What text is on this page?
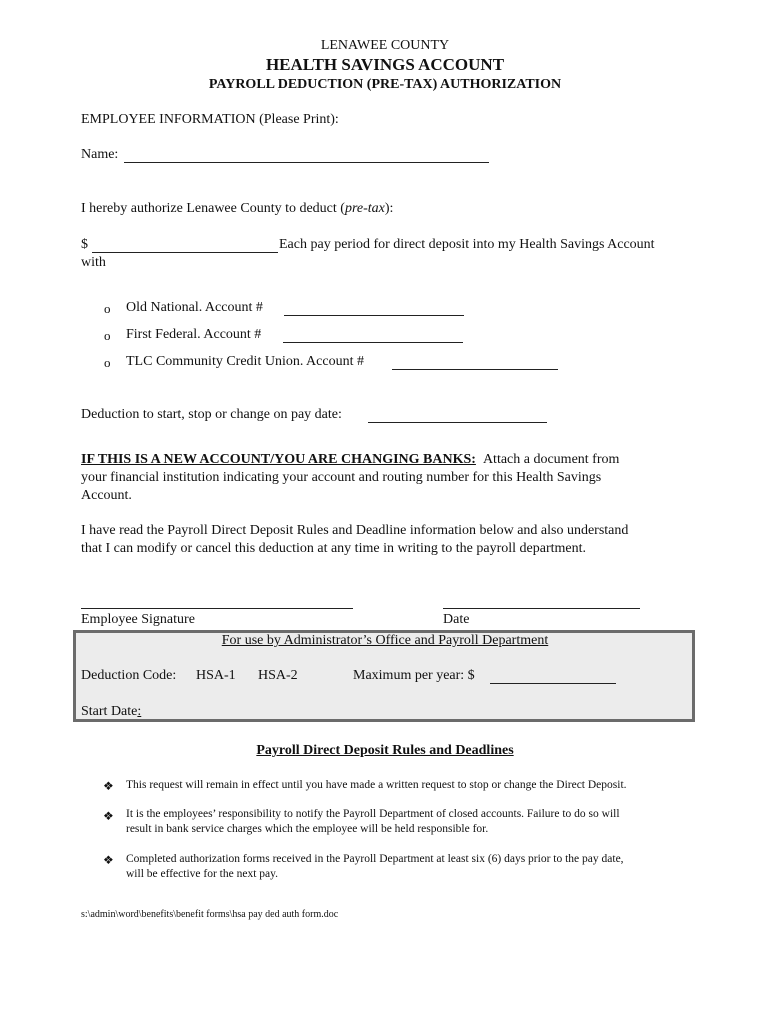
LENAWEE COUNTY
HEALTH SAVINGS ACCOUNT
PAYROLL DEDUCTION (PRE-TAX) AUTHORIZATION
EMPLOYEE INFORMATION (Please Print):
Name:
I hereby authorize Lenawee County to deduct (pre-tax):
$	Each pay period for direct deposit into my Health Savings Account
with
o Old National. Account #
o First Federal. Account #
o TLC Community Credit Union. Account #
Deduction to start, stop or change on pay date:
IF THIS IS A NEW ACCOUNT/YOU ARE CHANGING BANKS: Attach a document from
your financial institution indicating your account and routing number for this Health Savings
Account.
I have read the Payroll Direct Deposit Rules and Deadline information below and also understand
that I can modify or cancel this deduction at any time in writing to the payroll department.
Employee Signature	Date
For use by Administrator’s Office and Payroll Department
Deduction Code: HSA-1 HSA-2	Maximum per year: $
Start Date:
Payroll Direct Deposit Rules and Deadlines
❖ This request will remain in effect until you have made a written request to stop or change the Direct Deposit.
❖ It is the employees’ responsibility to notify the Payroll Department of closed accounts. Failure to do so will
result in bank service charges which the employee will be held responsible for.
❖ Completed authorization forms received in the Payroll Department at least six (6) days prior to the pay date,
will be effective for the next pay.
s:\admin\word\benefits\benefit forms\hsa pay ded auth form.doc
